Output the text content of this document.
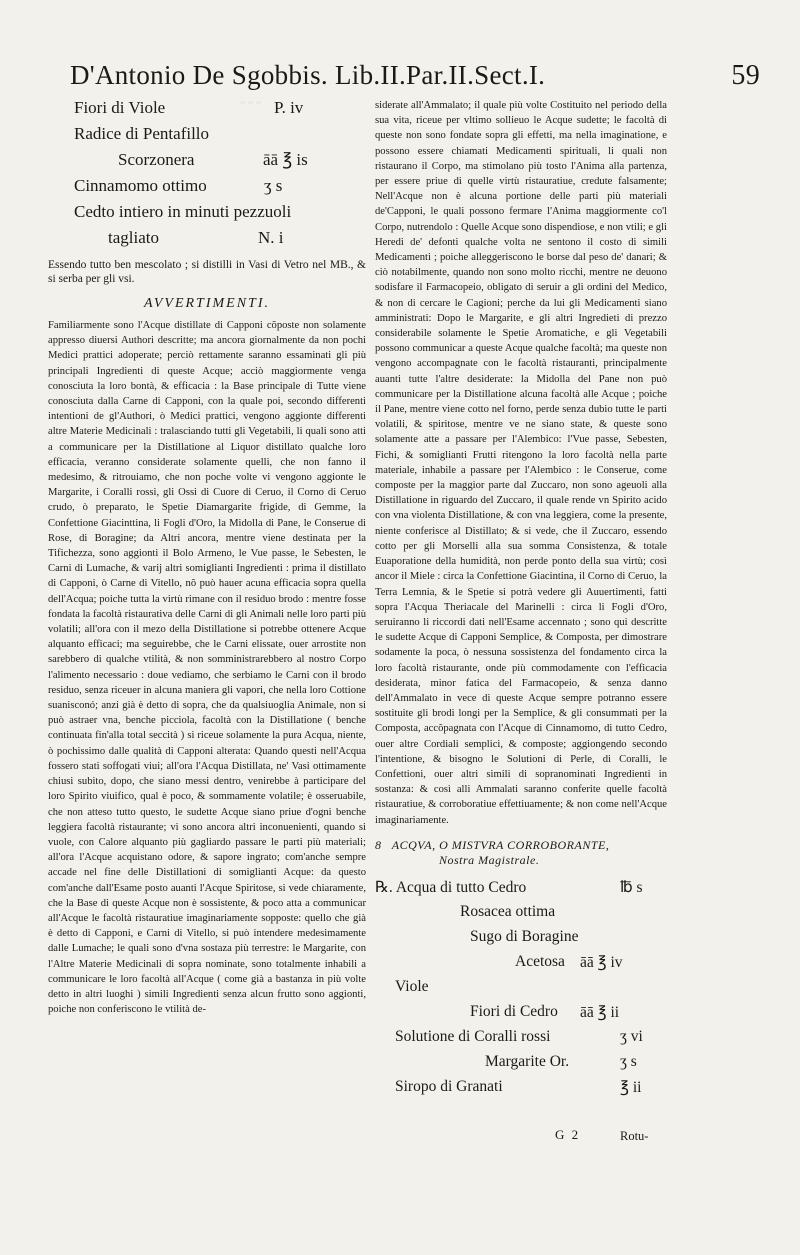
~ ~ ~
D'Antonio De Sgobbis. Lib.II.Par.II.Sect.I.	59
Fiori di Viole	P. iv
Radice di Pentafillo
Scorzonera	āā ℥ is
Cinnamomo ottimo	ʒ s
Cedto intiero in minuti pezzuoli
tagliato	N. i

Essendo tutto ben mescolato ; si distilli in Vasi di Vetro nel MB., & si serba per gli vsi.

AVVERTIMENTI.

Familiarmente sono l'Acque distillate di Capponi cõposte non solamente appresso diuersi Authori descritte; ma ancora giornalmente da non pochi Medici prattici adoperate; perciò rettamente saranno essaminati gli più principali Ingredienti di queste Acque; acciò maggiormente venga conosciuta la loro bontà, & efficacia : la Base principale di Tutte viene conosciuta dalla Carne di Capponi, con la quale poi, secondo differenti intentioni de gl'Authori, ò Medici prattici, vengono aggionte differenti altre Materie Medicinali : tralasciando tutti gli Vegetabili, li quali sono atti a communicare per la Distillatione al Liquor distillato qualche loro efficacia, veranno considerate solamente quelli, che non fanno il medesimo, & ritrouiamo, che non poche volte vi vengono aggionte le Margarite, i Coralli rossi, gli Ossi di Cuore di Ceruo, il Corno di Ceruo crudo, ò preparato, le Spetie Diamargarite frigide, di Gemme, la Confettione Giacinttina, li Fogli d'Oro, la Midolla di Pane, le Conserue di Rose, di Boragine; da Altri ancora, mentre viene destinata per la Tifichezza, sono aggionti il Bolo Armeno, le Vue passe, le Sebesten, le Carni di Lumache, & varij altri somiglianti Ingredienti : prima il distillato di Capponi, ò Carne di Vitello, nõ può hauer acuna efficacia sopra quella dell'Acqua; poiche tutta la virtù rimane con il residuo brodo : mentre fosse fondata la facoltà ristaurativa delle Carni di gli Animali nelle loro parti più volatili; all'ora con il mezo della Distillatione si potrebbe ottenere Acque alquanto efficaci; ma seguirebbe, che le Carni elissate, ouer arrostite non sarebbero di qualche vtilità, & non somministrarebbero al nostro Corpo l'alimento necessario : doue vediamo, che serbiamo le Carni con il brodo residuo, senza riceuer in alcuna maniera gli vapori, che nella loro Cottione suanisconó; anzi già è detto di sopra, che da qualsiuoglia Animale, non si può astraer vna, benche picciola, facoltà con la Distillatione ( benche continuata fin'alla total seccità ) si riceue solamente la pura Acqua, niente, ò pochissimo dalle qualità di Capponi alterata: Quando questi nell'Acqua fossero stati soffogati viui; all'ora l'Acqua Distillata, ne' Vasi ottimamente chiusi subito, dopo, che siano messi dentro, venirebbe à participare del loro Spirito viuifico, qual è poco, & sommamente volatile; è osseruabile, che non atteso tutto questo, le sudette Acque siano priue d'ogni benche leggiera facoltà ristaurante; vi sono ancora altri inconuenienti, quando si vuole, con Calore alquanto più gagliardo passare le parti più materiali; all'ora l'Acque acquistano odore, & sapore ingrato; com'anche sempre accade nel fine delle Distillationi di somiglianti Acque: da questo com'anche dall'Esame posto auanti l'Acque Spiritose, si vede chiaramente, che la Base di queste Acque non è sossistente, & poco atta a communicar all'Acque le facoltà ristauratiue imaginariamente sopposte: quello che già è detto di Capponi, e Carni di Vitello, si può intendere medesimamente dalle Lumache; le quali sono d'vna sostaza più terrestre: le Margarite, con l'Altre Materie Medicinali di sopra nominate, sono totalmente inhabili a communicare le loro facoltà all'Acque ( come già a bastanza in più volte detto in altri luoghi ) simili Ingredienti senza alcun frutto sono aggionti, poiche non conferiscono le vtilità de-

siderate all'Ammalato; il quale più volte Costituito nel periodo della sua vita, riceue per vltimo sollieuo le Acque sudette; le facoltà di queste non sono fondate sopra gli effetti, ma nella imaginatione, e possono essere chiamati Medicamenti spirituali, li quali non ristaurano il Corpo, ma stimolano più tosto l'Anima alla partenza, per essere priue di quelle virtù ristauratiue, credute falsamente; Nell'Acque non è alcuna portione delle parti più materiali de'Capponi, le quali possono fermare l'Anima maggiormente co'l Corpo, nutrendolo : Quelle Acque sono dispendiose, e non vtili; e gli Heredi de' defonti qualche volta ne sentono il costo di simili Medicamenti ; poiche alleggeriscono le borse dal peso de' danari; & ciò notabilmente, quando non sono molto ricchi, mentre ne deuono sodisfare il Farmacopeio, obligato di seruir a gli ordini del Medico, & non di cercare le Cagioni; perche da lui gli Medicamenti siano amministrati: Dopo le Margarite, e gli altri Ingredieti di prezzo considerabile solamente le Spetie Aromatiche, e gli Vegetabili possono communicar a queste Acque qualche facoltà; ma queste non vengono accompagnate con le facoltà ristauranti, principalmente auanti tutte l'altre desiderate: la Midolla del Pane non può communicare per la Distillatione alcuna facoltà alle Acque ; poiche il Pane, mentre viene cotto nel forno, perde senza dubio tutte le parti volatili, & spiritose, mentre ve ne siano state, & queste sono solamente atte a passare per l'Alembico: l'Vue passe, Sebesten, Fichi, & somiglianti Frutti ritengono la loro facoltà nella parte materiale, inhabile a passare per l'Alembico : le Conserue, come composte per la maggior parte dal Zuccaro, non sono ageuoli alla Distillatione in riguardo del Zuccaro, il quale rende vn Spirito acido con vna violenta Distillatione, & con vna leggiera, come la presente, niente conferisce al Distillato; & si vede, che il Zuccaro, essendo cotto per gli Morselli alla sua somma Consistenza, & totale Euaporatione della humidità, non perde ponto della sua virtù; così ancor il Miele : circa la Confettione Giacintina, il Corno di Ceruo, la Terra Lemnia, & le Spetie si potrà vedere gli Auuertimenti, fatti sopra l'Acqua Theriacale del Marinelli : circa li Fogli d'Oro, seruiranno li riccordi dati nell'Esame accennato ; sono qui descritte le sudette Acque di Capponi Semplice, & Composta, per dimostrare sodamente la poca, ò nessuna sossistenza del fondamento circa la loro facoltà ristaurante, onde più commodamente con l'efficacia desiderata, minor fatica del Farmacopeio, & senza danno dell'Ammalato in vece di queste Acque sempre potranno essere sostituite gli brodi longi per la Semplice, & gli consummati per la Composta, accõpagnata con l'Acque di Cinnamomo, di tutto Cedro, ouer altre Cordiali semplici, & composte; aggiongendo secondo l'intentione, & bisogno le Solutioni di Perle, di Coralli, le Confettioni, ouer altri simili di sopranominati Ingredienti in sostanza: & così alli Ammalati saranno conferite quelle facoltà ristauratiue, & corroboratiue effettiuamente; & non come nell'Acque imaginariamente.

8 ACQVA, O MISTVRA CORROBORANTE,
Nostra Magistrale.
℞. Acqua di tutto Cedro	℔ s
Rosacea ottima
Sugo di Boragine
Acetosa āā ℥ iv
Viole
Fiori di Cedro āā ℥ ii
Solutione di Coralli rossi	ʒ vi
Margarite Or.	ʒ s
Siropo di Granati	℥ ii
G 2	Rotu-
